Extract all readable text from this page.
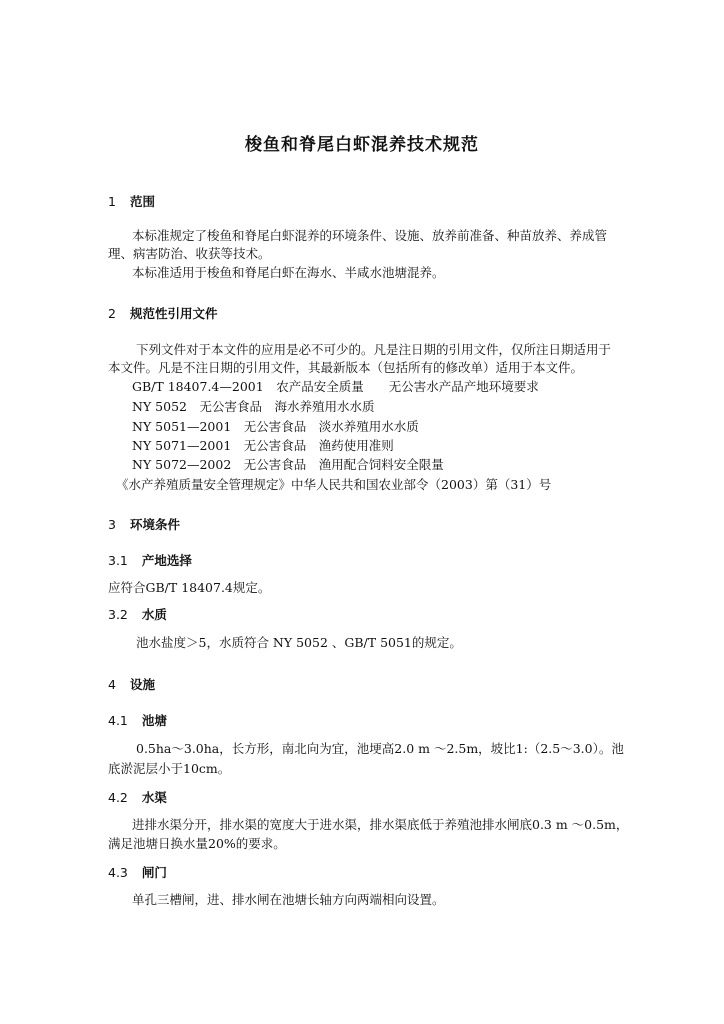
梭鱼和脊尾白虾混养技术规范
1 范围
本标准规定了梭鱼和脊尾白虾混养的环境条件、设施、放养前准备、种苗放养、养成管
理、病害防治、收获等技术。
本标准适用于梭鱼和脊尾白虾在海水、半咸水池塘混养。
2 规范性引用文件
下列文件对于本文件的应用是必不可少的。凡是注日期的引用文件，仅所注日期适用于
本文件。凡是不注日期的引用文件，其最新版本（包括所有的修改单）适用于本文件。
GB/T 18407.4—2001　农产品安全质量　　无公害水产品产地环境要求
NY 5052　无公害食品　海水养殖用水水质
NY 5051—2001　无公害食品　淡水养殖用水水质
NY 5071—2001　无公害食品　渔药使用准则
NY 5072—2002　无公害食品　渔用配合饲料安全限量
《水产养殖质量安全管理规定》中华人民共和国农业部令（2003）第（31）号
3 环境条件
3.1 产地选择
应符合GB/T 18407.4规定。
3.2 水质
池水盐度＞5，水质符合 NY 5052 、GB/T 5051的规定。
4 设施
4.1 池塘
0.5ha～3.0ha，长方形，南北向为宜，池埂高2.0 m ～2.5m，坡比1:（2.5～3.0）。池
底淤泥层小于10cm。
4.2 水渠
进排水渠分开，排水渠的宽度大于进水渠，排水渠底低于养殖池排水闸底0.3 m ～0.5m，
满足池塘日换水量20%的要求。
4.3 闸门
单孔三槽闸，进、排水闸在池塘长轴方向两端相向设置。
